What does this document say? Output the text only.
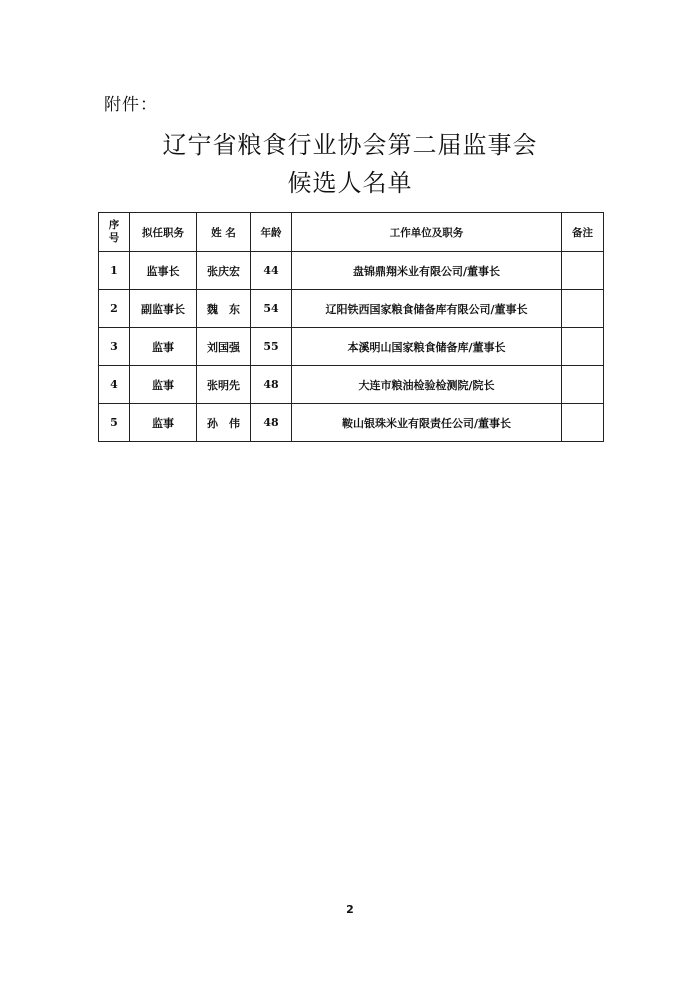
附件：
辽宁省粮食行业协会第二届监事会
候选人名单
序
号	拟任职务	姓 名	年龄	工作单位及职务	备注
1	监事长	张庆宏	44	盘锦鼎翔米业有限公司/董事长	
2	副监事长	魏　东	54	辽阳铁西国家粮食储备库有限公司/董事长	
3	监事	刘国强	55	本溪明山国家粮食储备库/董事长	
4	监事	张明先	48	大连市粮油检验检测院/院长	
5	监事	孙　伟	48	鞍山银珠米业有限责任公司/董事长	
2
